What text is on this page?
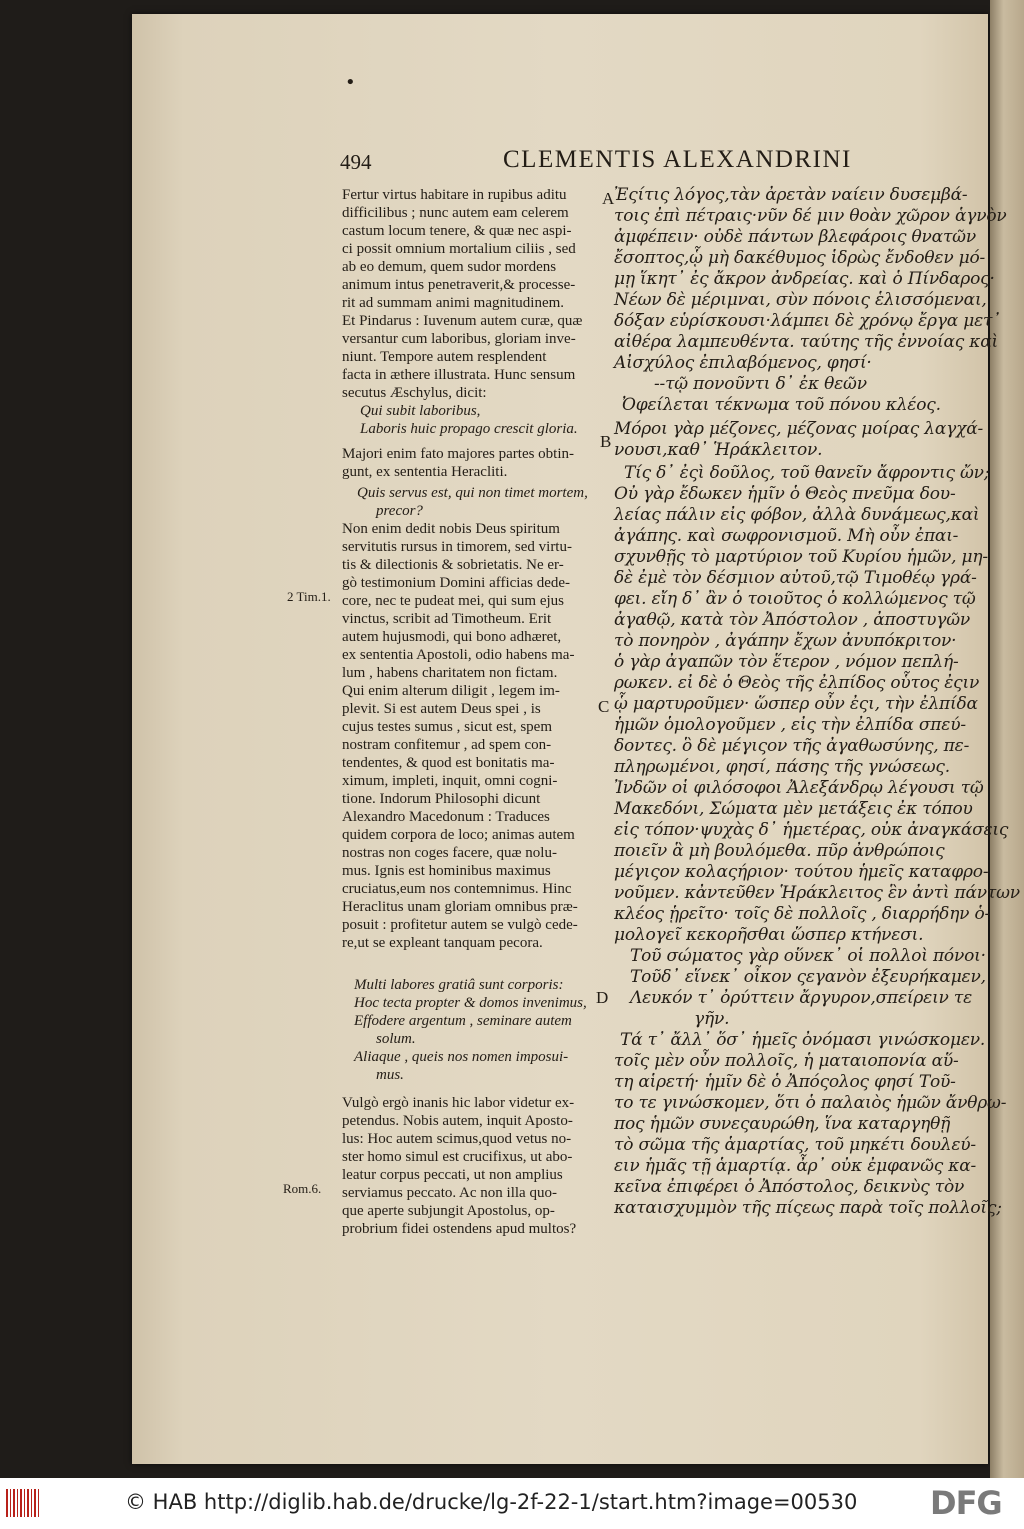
•
494	CLEMENTIS ALEXANDRINI
2 Tim.1.
Rom.6.
A
B
C
D
Fertur virtus habitare in rupibus aditu
difficilibus ; nunc autem eam celerem
castum locum tenere, & quæ nec aspi-
ci possit omnium mortalium ciliis , sed
ab eo demum, quem sudor mordens
animum intus penetraverit,& processe-
rit ad summam animi magnitudinem.
Et Pindarus : Iuvenum autem curæ, quæ
versantur cum laboribus, gloriam inve-
niunt. Tempore autem resplendent
facta in æthere illustrata. Hunc sensum
secutus Æschylus, dicit:
Qui subit laboribus,
Laboris huic propago crescit gloria.
Majori enim fato majores partes obtin-
gunt, ex sententia Heracliti.
Quis servus est, qui non timet mortem,
precor?
Non enim dedit nobis Deus spiritum
servitutis rursus in timorem, sed virtu-
tis & dilectionis & sobrietatis. Ne er-
gò testimonium Domini afficias dede-
core, nec te pudeat mei, qui sum ejus
vinctus, scribit ad Timotheum. Erit
autem hujusmodi, qui bono adhæret,
ex sententia Apostoli, odio habens ma-
lum , habens charitatem non fictam.
Qui enim alterum diligit , legem im-
plevit. Si est autem Deus spei , is
cujus testes sumus , sicut est, spem
nostram confitemur , ad spem con-
tendentes, & quod est bonitatis ma-
ximum, impleti, inquit, omni cogni-
tione. Indorum Philosophi dicunt
Alexandro Macedonum : Traduces
quidem corpora de loco; animas autem
nostras non coges facere, quæ nolu-
mus. Ignis est hominibus maximus
cruciatus,eum nos contemnimus. Hinc
Heraclitus unam gloriam omnibus præ-
posuit : profitetur autem se vulgò cede-
re,ut se expleant tanquam pecora.
Multi labores gratiâ sunt corporis:
Hoc tecta propter & domos invenimus,
Effodere argentum , seminare autem
solum.
Aliaque , queis nos nomen imposui-
mus.
Vulgò ergò inanis hic labor videtur ex-
petendus. Nobis autem, inquit Aposto-
lus: Hoc autem scimus,quod vetus no-
ster homo simul est crucifixus, ut abo-
leatur corpus peccati, ut non amplius
serviamus peccato. Ac non illa quo-
que aperte subjungit Apostolus, op-
probrium fidei ostendens apud multos?
Ἐςίτις λόγος,τὰν ἀρετὰν ναίειν δυσεμβά-
τοις ἐπὶ πέτραις·νῦν δέ μιν θοὰν χῶρον ἁγνὸν
ἀμφέπειν· οὐδὲ πάντων βλεφάροις θνατῶν
ἔσοπτος,ᾧ μὴ δακέθυμος ἱδρὼς ἔνδοθεν μό-
μῃ ἵκητ᾽ ἐς ἄκρον ἀνδρείας. καὶ ὁ Πίνδαρος·
Νέων δὲ μέριμναι, σὺν πόνοις ἑλισσόμεναι,
δόξαν εὑρίσκουσι·λάμπει δὲ χρόνῳ ἔργα μετ᾽
αἰθέρα λαμπευθέντα. ταύτης τῆς ἐννοίας καὶ
Αἰσχύλος ἐπιλαβόμενος, φησί·
--τῷ πονοῦντι δ᾽ ἐκ θεῶν
Ὀφείλεται τέκνωμα τοῦ πόνου κλέος.
Μόροι γὰρ μέζονες, μέζονας μοίρας λαγχά-
νουσι,καθ᾽ Ἡράκλειτον.
Τίς δ᾽ ἐςὶ δοῦλος, τοῦ θανεῖν ἄφροντις ὤν;
Οὐ γὰρ ἔδωκεν ἡμῖν ὁ Θεὸς πνεῦμα δου-
λείας πάλιν εἰς φόβον, ἀλλὰ δυνάμεως,καὶ
ἀγάπης. καὶ σωφρονισμοῦ. Μὴ οὖν ἐπαι-
σχυνθῇς τὸ μαρτύριον τοῦ Κυρίου ἡμῶν, μη-
δὲ ἐμὲ τὸν δέσμιον αὐτοῦ,τῷ Τιμοθέῳ γρά-
φει. εἴη δ᾽ ἂν ὁ τοιοῦτος ὁ κολλώμενος τῷ
ἀγαθῷ, κατὰ τὸν Ἀπόστολον , ἀποστυγῶν
τὸ πονηρὸν , ἀγάπην ἔχων ἀνυπόκριτον·
ὁ γὰρ ἀγαπῶν τὸν ἕτερον , νόμον πεπλή-
ρωκεν. εἰ δὲ ὁ Θεὸς τῆς ἐλπίδος οὗτος ἐςιν
ᾧ μαρτυροῦμεν· ὥσπερ οὖν ἐςι, τὴν ἐλπίδα
ἡμῶν ὁμολογοῦμεν , εἰς τὴν ἐλπίδα σπεύ-
δοντες. ὃ δὲ μέγιςον τῆς ἀγαθωσύνης, πε-
πληρωμένοι, φησί, πάσης τῆς γνώσεως.
Ἰνδῶν οἱ φιλόσοφοι Ἀλεξάνδρῳ λέγουσι τῷ
Μακεδόνι, Σώματα μὲν μετάξεις ἐκ τόπου
εἰς τόπον·ψυχὰς δ᾽ ἡμετέρας, οὐκ ἀναγκάσεις
ποιεῖν ἃ μὴ βουλόμεθα. πῦρ ἀνθρώποις
μέγιςον κολαςήριον· τούτου ἡμεῖς καταφρο-
νοῦμεν. κἀντεῦθεν Ἡράκλειτος ἓν ἀντὶ πάντων
κλέος ᾑρεῖτο· τοῖς δὲ πολλοῖς , διαρρήδην ὁ-
μολογεῖ κεκορῆσθαι ὥσπερ κτήνεσι.
Τοῦ σώματος γὰρ οὕνεκ᾽ οἱ πολλοὶ πόνοι·
Τοῦδ᾽ εἵνεκ᾽ οἶκον ςεγανὸν ἐξευρήκαμεν,
Λευκόν τ᾽ ὀρύττειν ἄργυρον,σπείρειν τε
γῆν.
Τά τ᾽ ἄλλ᾽ ὅσ᾽ ἡμεῖς ὀνόμασι γινώσκομεν.
τοῖς μὲν οὖν πολλοῖς, ἡ ματαιοπονία αὕ-
τη αἱρετή· ἡμῖν δὲ ὁ Ἀπόςολος φησί Τοῦ-
το τε γινώσκομεν, ὅτι ὁ παλαιὸς ἡμῶν ἄνθρω-
πος ἡμῶν συνεςαυρώθη, ἵνα καταργηθῇ
τὸ σῶμα τῆς ἁμαρτίας, τοῦ μηκέτι δουλεύ-
ειν ἡμᾶς τῇ ἁμαρτίᾳ. ἆρ᾽ οὐκ ἐμφανῶς κα-
κεῖνα ἐπιφέρει ὁ Ἀπόστολος, δεικνὺς τὸν
καταισχυμμὸν τῆς πίςεως παρὰ τοῖς πολλοῖς;
© HAB http://diglib.hab.de/drucke/lg-2f-22-1/start.htm?image=00530 DFG
